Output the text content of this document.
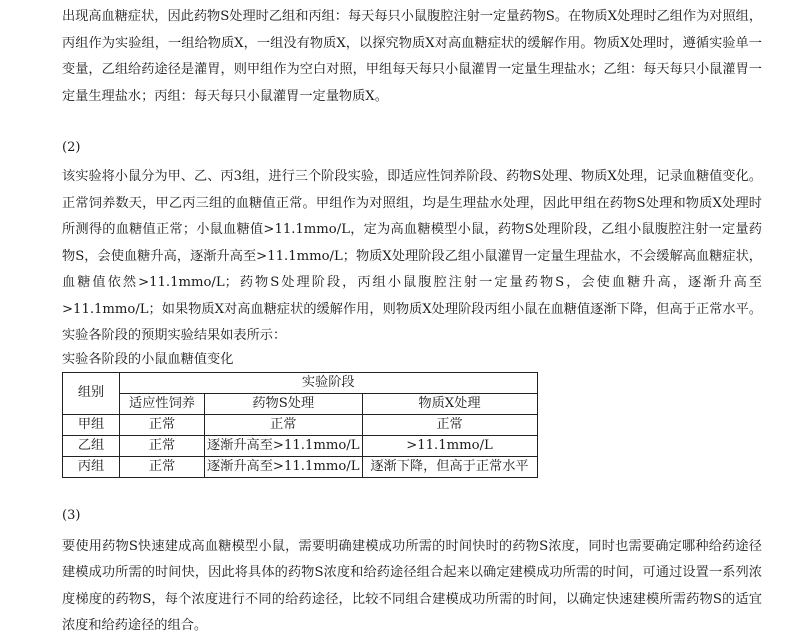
出现高血糖症状，因此药物S处理时乙组和丙组：每天每只小鼠腹腔注射一定量药物S。在物质X处理时乙组作为对照组，丙组作为实验组，一组给物质X，一组没有物质X，以探究物质X对高血糖症状的缓解作用。物质X处理时，遵循实验单一变量，乙组给药途径是灌胃，则甲组作为空白对照，甲组每天每只小鼠灌胃一定量生理盐水；乙组：每天每只小鼠灌胃一定量生理盐水；丙组：每天每只小鼠灌胃一定量物质X。

(2)

该实验将小鼠分为甲、乙、丙3组，进行三个阶段实验，即适应性饲养阶段、药物S处理、物质X处理，记录血糖值变化。正常饲养数天，甲乙丙三组的血糖值正常。甲组作为对照组，均是生理盐水处理，因此甲组在药物S处理和物质X处理时所测得的血糖值正常；小鼠血糖值>11.1mmo/L，定为高血糖模型小鼠，药物S处理阶段，乙组小鼠腹腔注射一定量药物S，会使血糖升高，逐渐升高至>11.1mmo/L；物质X处理阶段乙组小鼠灌胃一定量生理盐水，不会缓解高血糖症状，血糖值依然>11.1mmo/L；药物S处理阶段，丙组小鼠腹腔注射一定量药物S，会使血糖升高，逐渐升高至>11.1mmo/L；如果物质X对高血糖症状的缓解作用，则物质X处理阶段丙组小鼠在血糖值逐渐下降，但高于正常水平。实验各阶段的预期实验结果如表所示：

实验各阶段的小鼠血糖值变化

组别	实验阶段		
	适应性饲养	药物S处理	物质X处理
甲组	正常	正常	正常
乙组	正常	逐渐升高至>11.1mmo/L	>11.1mmo/L
丙组	正常	逐渐升高至>11.1mmo/L	逐渐下降，但高于正常水平

(3)

要使用药物S快速建成高血糖模型小鼠，需要明确建模成功所需的时间快时的药物S浓度，同时也需要确定哪种给药途径建模成功所需的时间快，因此将具体的药物S浓度和给药途径组合起来以确定建模成功所需的时间，可通过设置一系列浓度梯度的药物S，每个浓度进行不同的给药途径，比较不同组合建模成功所需的时间，以确定快速建模所需药物S的适宜浓度和给药途径的组合。
